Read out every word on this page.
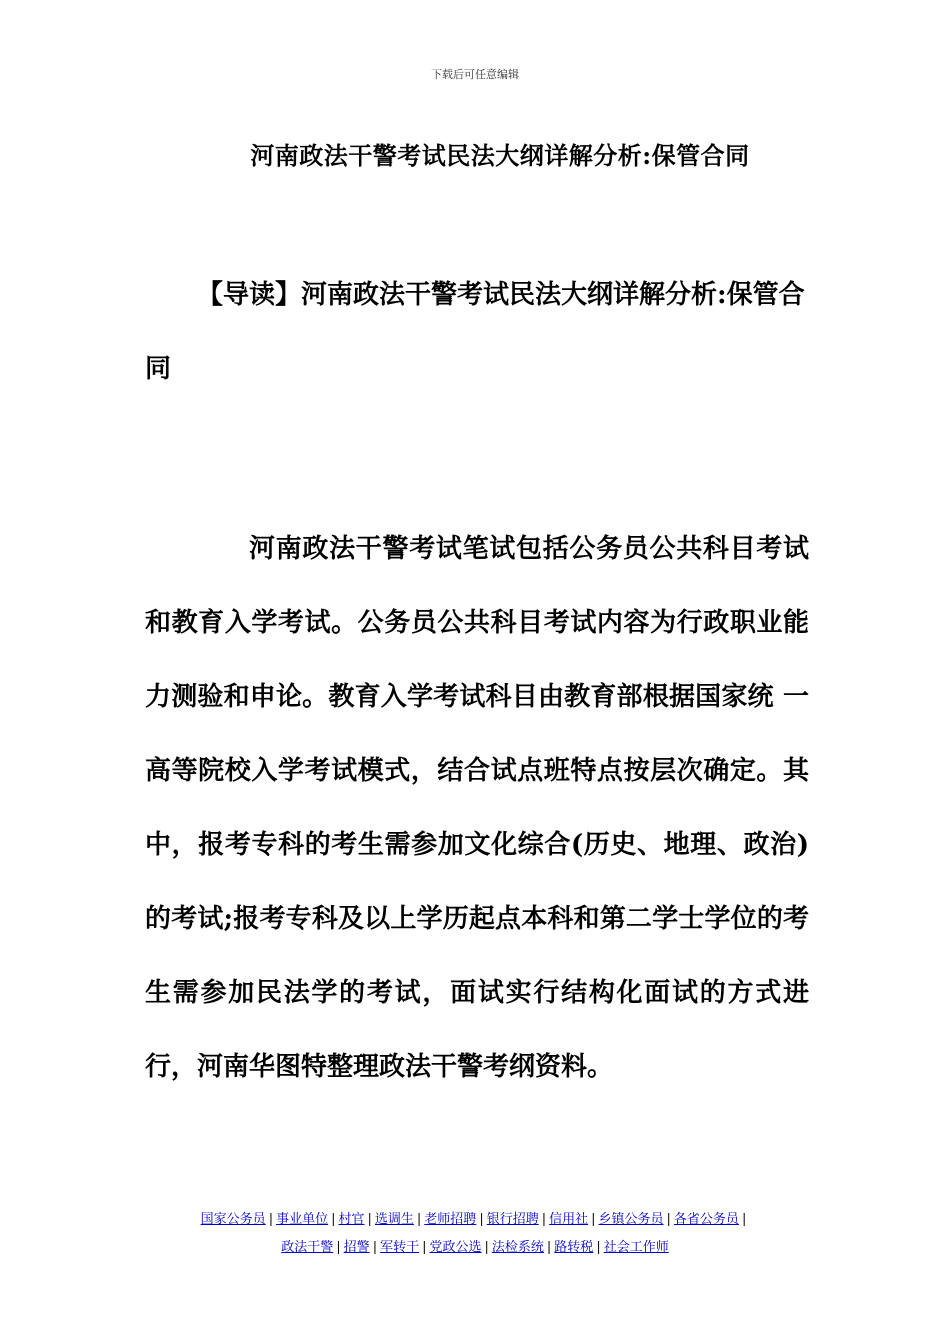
下载后可任意编辑
河南政法干警考试民法大纲详解分析:保管合同

【导读】河南政法干警考试民法大纲详解分析:保管合同

河南政法干警考试笔试包括公务员公共科目考试和教育入学考试。公务员公共科目考试内容为行政职业能力测验和申论。教育入学考试科目由教育部根据国家统 一高等院校入学考试模式，结合试点班特点按层次确定。其中，报考专科的考生需参加文化综合(历史、地理、政治)的考试;报考专科及以上学历起点本科和第二学士学位的考生需参加民法学的考试，面试实行结构化面试的方式进行，河南华图特整理政法干警考纲资料。

国家公务员 | 事业单位 | 村官 | 选调生 | 老师招聘 | 银行招聘 | 信用社 | 乡镇公务员 | 各省公务员 |
政法干警 | 招警 | 军转干 | 党政公选 | 法检系统 | 路转税 | 社会工作师
